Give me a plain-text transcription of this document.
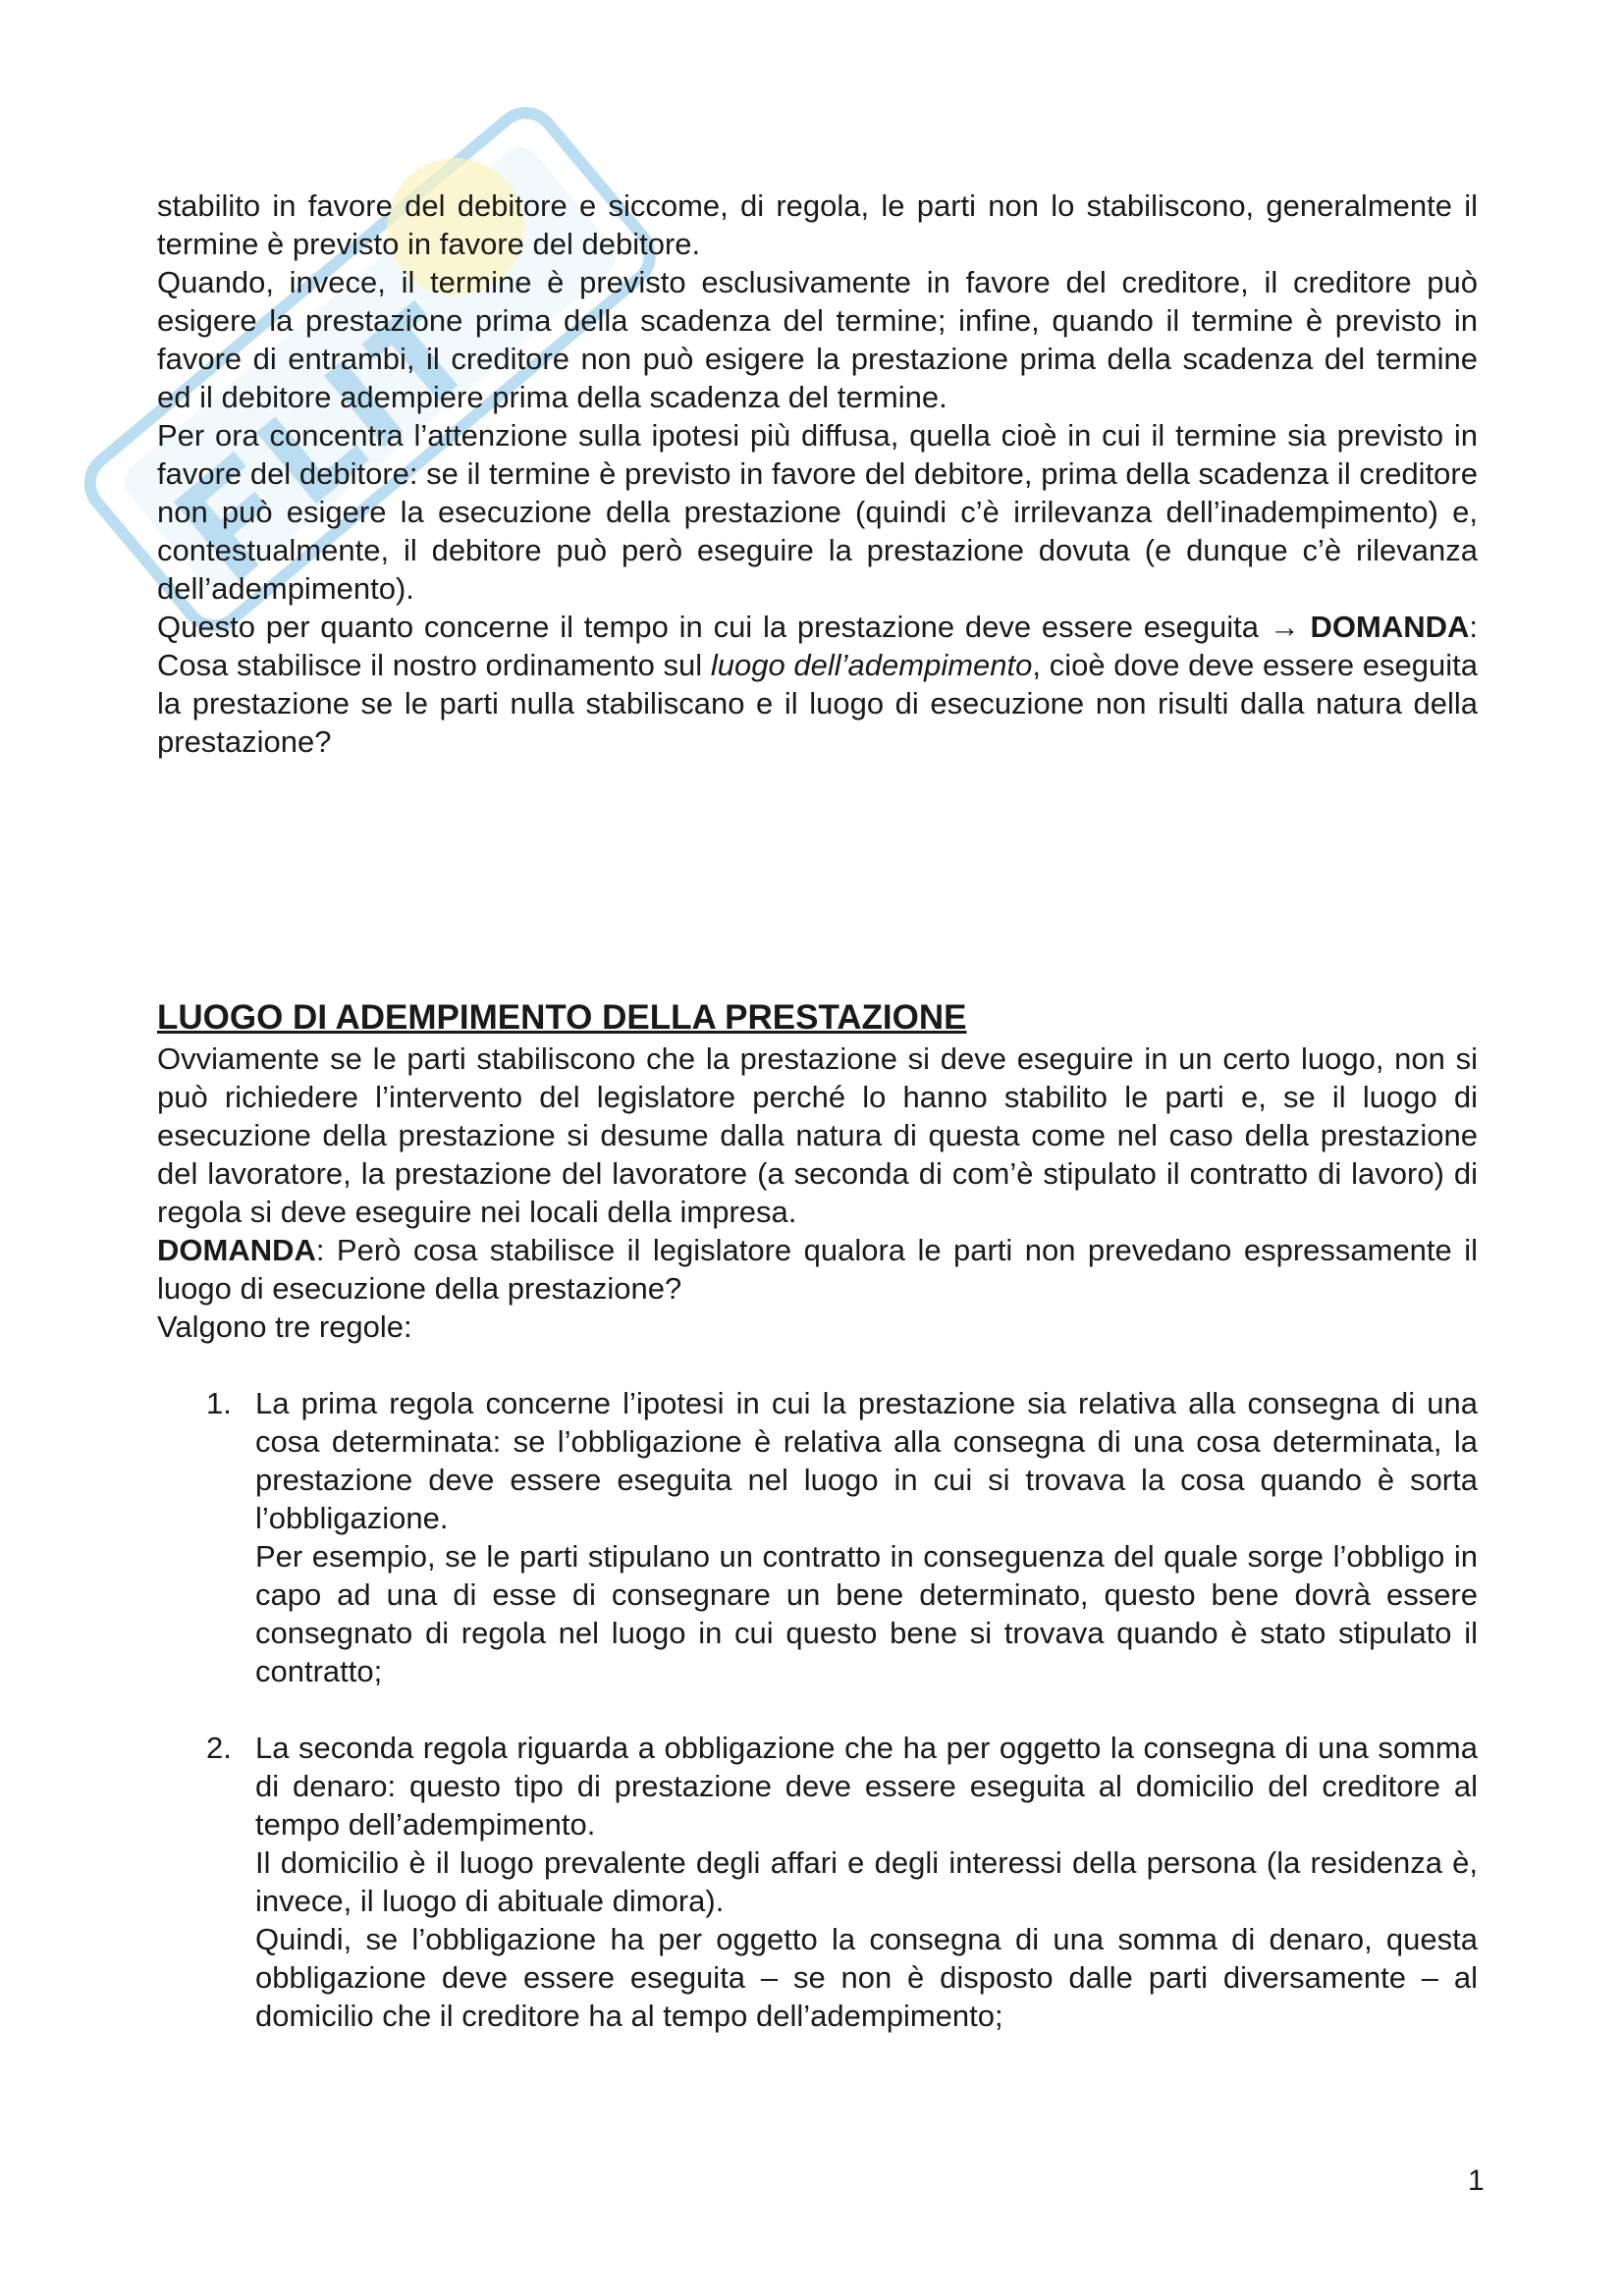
stabilito in favore del debitore e siccome, di regola, le parti non lo stabiliscono, generalmente il termine è previsto in favore del debitore.

Quando, invece, il termine è previsto esclusivamente in favore del creditore, il creditore può esigere la prestazione prima della scadenza del termine; infine, quando il termine è previsto in favore di entrambi, il creditore non può esigere la prestazione prima della scadenza del termine ed il debitore adempiere prima della scadenza del termine.

Per ora concentra l’attenzione sulla ipotesi più diffusa, quella cioè in cui il termine sia previsto in favore del debitore: se il termine è previsto in favore del debitore, prima della scadenza il creditore non può esigere la esecuzione della prestazione (quindi c’è irrilevanza dell’inadempimento) e, contestualmente, il debitore può però eseguire la prestazione dovuta (e dunque c’è rilevanza dell’adempimento).

Questo per quanto concerne il tempo in cui la prestazione deve essere eseguita → DOMANDA: Cosa stabilisce il nostro ordinamento sul luogo dell’adempimento, cioè dove deve essere eseguita la prestazione se le parti nulla stabiliscano e il luogo di esecuzione non risulti dalla natura della prestazione?

LUOGO DI ADEMPIMENTO DELLA PRESTAZIONE

Ovviamente se le parti stabiliscono che la prestazione si deve eseguire in un certo luogo, non si può richiedere l’intervento del legislatore perché lo hanno stabilito le parti e, se il luogo di esecuzione della prestazione si desume dalla natura di questa come nel caso della prestazione del lavoratore, la prestazione del lavoratore (a seconda di com’è stipulato il contratto di lavoro) di regola si deve eseguire nei locali della impresa.

DOMANDA: Però cosa stabilisce il legislatore qualora le parti non prevedano espressamente il luogo di esecuzione della prestazione?

Valgono tre regole:

1. La prima regola concerne l’ipotesi in cui la prestazione sia relativa alla consegna di una cosa determinata: se l’obbligazione è relativa alla consegna di una cosa determinata, la prestazione deve essere eseguita nel luogo in cui si trovava la cosa quando è sorta l’obbligazione.

Per esempio, se le parti stipulano un contratto in conseguenza del quale sorge l’obbligo in capo ad una di esse di consegnare un bene determinato, questo bene dovrà essere consegnato di regola nel luogo in cui questo bene si trovava quando è stato stipulato il contratto;

2. La seconda regola riguarda a obbligazione che ha per oggetto la consegna di una somma di denaro: questo tipo di prestazione deve essere eseguita al domicilio del creditore al tempo dell’adempimento.

Il domicilio è il luogo prevalente degli affari e degli interessi della persona (la residenza è, invece, il luogo di abituale dimora).

Quindi, se l’obbligazione ha per oggetto la consegna di una somma di denaro, questa obbligazione deve essere eseguita – se non è disposto dalle parti diversamente – al domicilio che il creditore ha al tempo dell’adempimento;

1
